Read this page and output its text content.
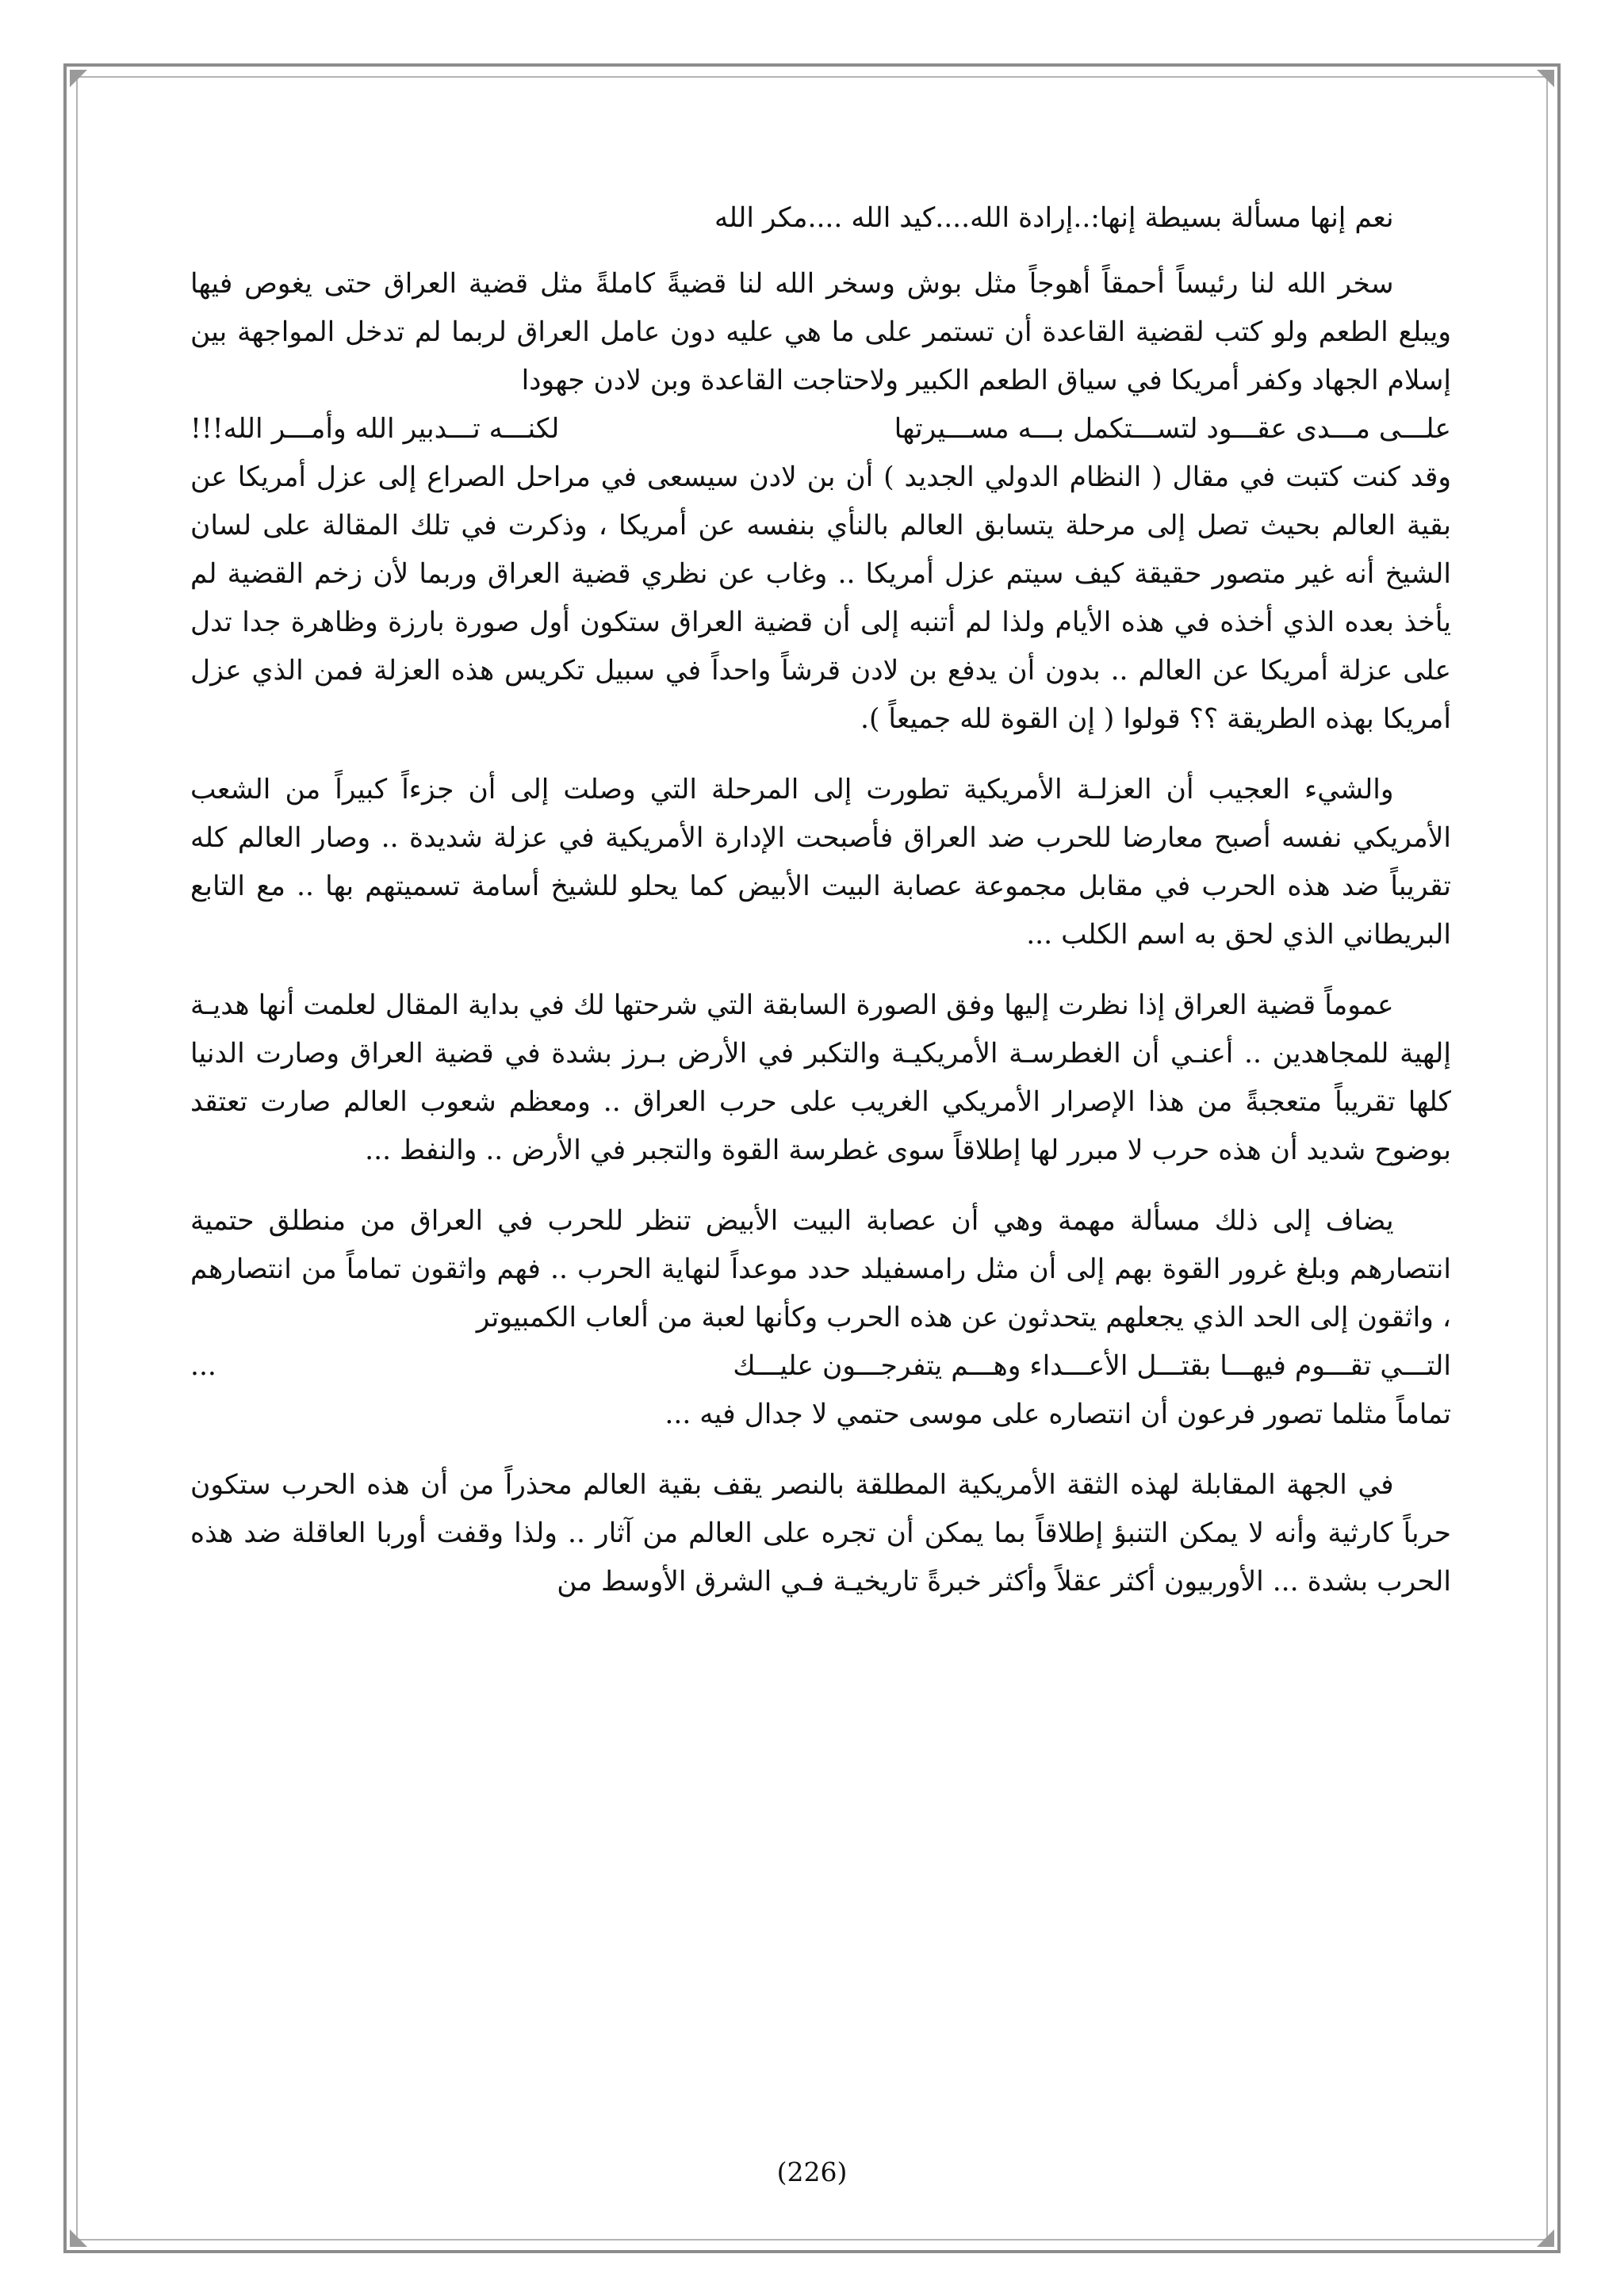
نعم إنها مسألة بسيطة إنها:..إرادة الله....كيد الله ....مكر الله

سخر الله لنا رئيساً أحمقاً أهوجاً مثل بوش وسخر الله لنا قضيةً كاملةً مثل قضية العراق حتى يغوص فيها ويبلع الطعم ولو كتب لقضية القاعدة أن تستمر على ما هي عليه دون عامل العراق لربما لم تدخل المواجهة بين إسلام الجهاد وكفر أمريكا في سياق الطعم الكبير ولاحتاجت القاعدة وبن لادن جهودا

علـــى مـــدى عقـــود لتســـتكمل بـــه مســـيرتها
لكنـــه تـــدبير الله وأمـــر الله!!!

وقد كنت كتبت في مقال ( النظام الدولي الجديد ) أن بن لادن سيسعى في مراحل الصراع إلى عزل أمريكا عن بقية العالم بحيث تصل إلى مرحلة يتسابق العالم بالنأي بنفسه عن أمريكا ، وذكرت في تلك المقالة على لسان الشيخ أنه غير متصور حقيقة كيف سيتم عزل أمريكا .. وغاب عن نظري قضية العراق وربما لأن زخم القضية لم يأخذ بعده الذي أخذه في هذه الأيام ولذا لم أتنبه إلى أن قضية العراق ستكون أول صورة بارزة وظاهرة جدا تدل على عزلة أمريكا عن العالم .. بدون أن يدفع بن لادن قرشاً واحداً في سبيل تكريس هذه العزلة فمن الذي عزل أمريكا بهذه الطريقة ؟؟ قولوا ( إن القوة لله جميعاً ).

والشيء العجيب أن العزلـة الأمريكية تطورت إلى المرحلة التي وصلت إلى أن جزءاً كبيراً من الشعب الأمريكي نفسه أصبح معارضا للحرب ضد العراق فأصبحت الإدارة الأمريكية في عزلة شديدة .. وصار العالم كله تقريباً ضد هذه الحرب في مقابل مجموعة عصابة البيت الأبيض كما يحلو للشيخ أسامة تسميتهم بها .. مع التابع البريطاني الذي لحق به اسم الكلب ...

عموماً قضية العراق إذا نظرت إليها وفق الصورة السابقة التي شرحتها لك في بداية المقال لعلمت أنها هديـة إلهية للمجاهدين .. أعنـي أن الغطرسـة الأمريكيـة والتكبر في الأرض بـرز بشدة في قضية العراق وصارت الدنيا كلها تقريباً متعجبةً من هذا الإصرار الأمريكي الغريب على حرب العراق .. ومعظم شعوب العالم صارت تعتقد بوضوح شديد أن هذه حرب لا مبرر لها إطلاقاً سوى غطرسة القوة والتجبر في الأرض .. والنفط ...

يضاف إلى ذلك مسألة مهمة وهي أن عصابة البيت الأبيض تنظر للحرب في العراق من منطلق حتمية انتصارهم وبلغ غرور القوة بهم إلى أن مثل رامسفيلد حدد موعداً لنهاية الحرب .. فهم واثقون تماماً من انتصارهم ، واثقون إلى الحد الذي يجعلهم يتحدثون عن هذه الحرب وكأنها لعبة من ألعاب الكمبيوتر

التـــي تقـــوم فيهـــا بقتـــل الأعـــداء وهـــم يتفرجـــون عليـــك
...

تماماً مثلما تصور فرعون أن انتصاره على موسى حتمي لا جدال فيه ...

في الجهة المقابلة لهذه الثقة الأمريكية المطلقة بالنصر يقف بقية العالم محذراً من أن هذه الحرب ستكون حرباً كارثية وأنه لا يمكن التنبؤ إطلاقاً بما يمكن أن تجره على العالم من آثار .. ولذا وقفت أوربا العاقلة ضد هذه الحرب بشدة ... الأوربيون أكثر عقلاً وأكثر خبرةً تاريخيـة فـي الشرق الأوسط من

(226)
